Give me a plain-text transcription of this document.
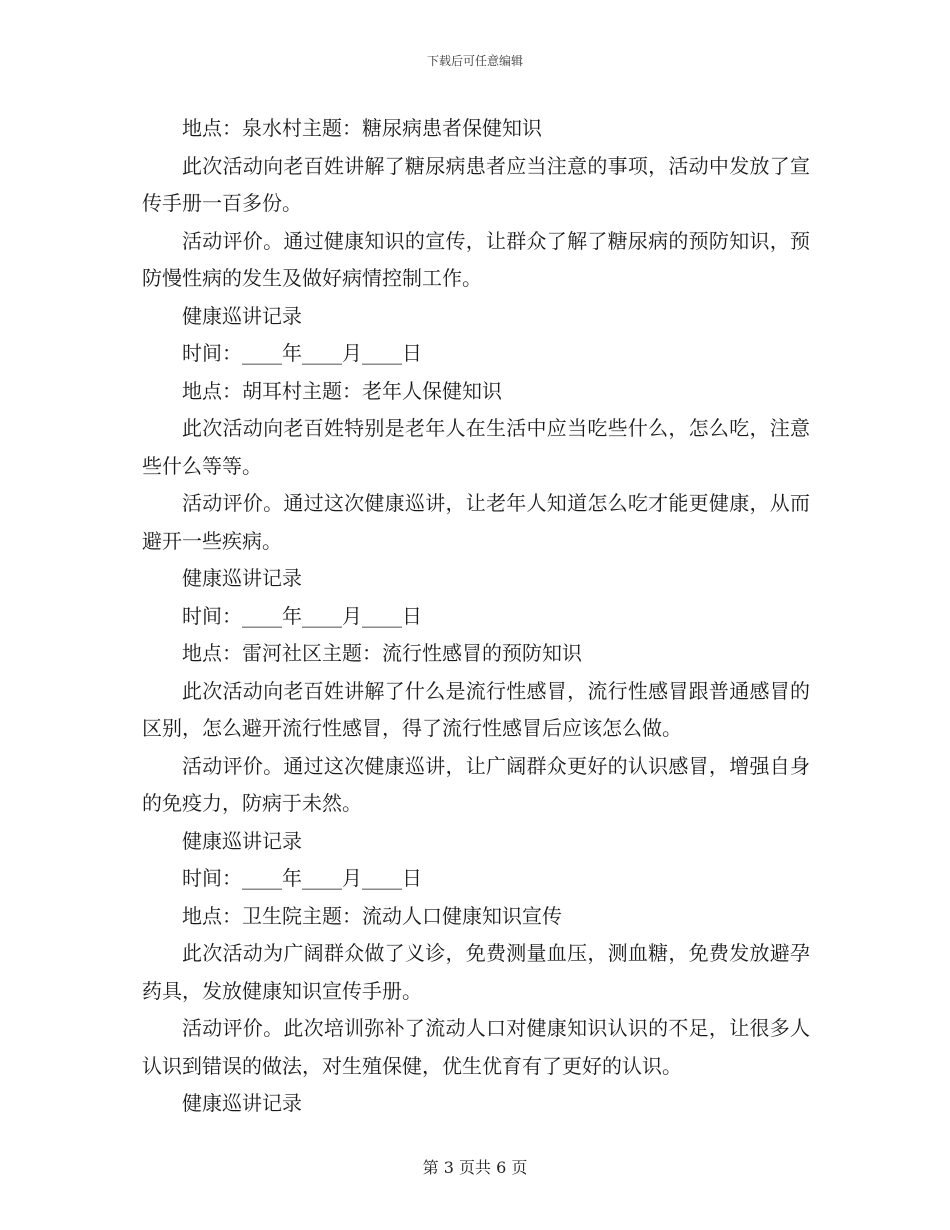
下载后可任意编辑

地点：泉水村主题：糖尿病患者保健知识

此次活动向老百姓讲解了糖尿病患者应当注意的事项，活动中发放了宣传手册一百多份。

活动评价。通过健康知识的宣传，让群众了解了糖尿病的预防知识，预防慢性病的发生及做好病情控制工作。

健康巡讲记录

时间：____年____月____日

地点：胡耳村主题：老年人保健知识

此次活动向老百姓特别是老年人在生活中应当吃些什么，怎么吃，注意些什么等等。

活动评价。通过这次健康巡讲，让老年人知道怎么吃才能更健康，从而避开一些疾病。

健康巡讲记录

时间：____年____月____日

地点：雷河社区主题：流行性感冒的预防知识

此次活动向老百姓讲解了什么是流行性感冒，流行性感冒跟普通感冒的区别，怎么避开流行性感冒，得了流行性感冒后应该怎么做。

活动评价。通过这次健康巡讲，让广阔群众更好的认识感冒，增强自身的免疫力，防病于未然。

健康巡讲记录

时间：____年____月____日

地点：卫生院主题：流动人口健康知识宣传

此次活动为广阔群众做了义诊，免费测量血压，测血糖，免费发放避孕药具，发放健康知识宣传手册。

活动评价。此次培训弥补了流动人口对健康知识认识的不足，让很多人认识到错误的做法，对生殖保健，优生优育有了更好的认识。

健康巡讲记录

第 3 页共 6 页
